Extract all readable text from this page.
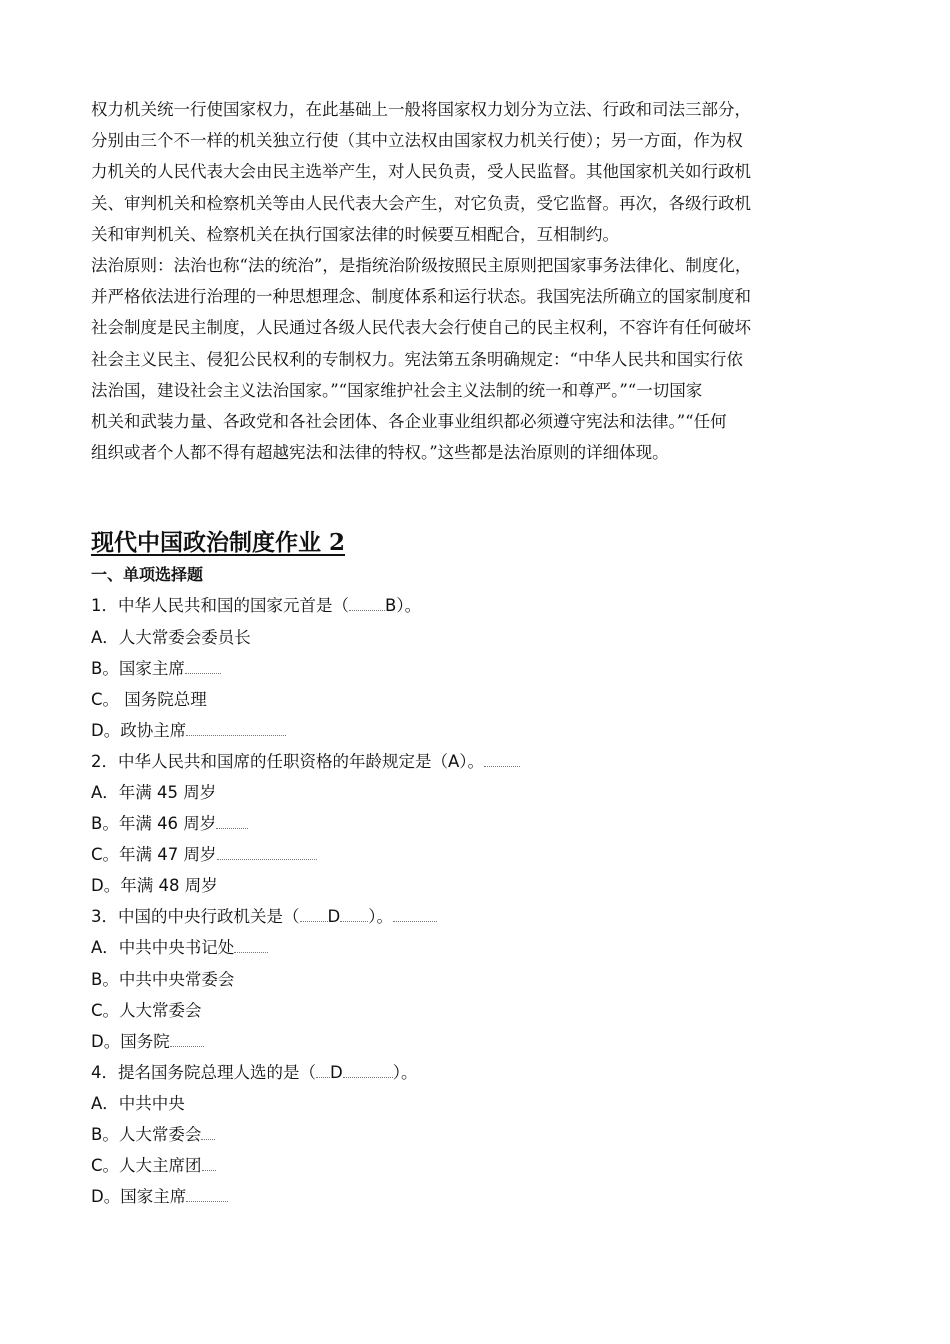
权力机关统一行使国家权力，在此基础上一般将国家权力划分为立法、行政和司法三部分，

分别由三个不一样的机关独立行使（其中立法权由国家权力机关行使）；另一方面，作为权

力机关的人民代表大会由民主选举产生，对人民负责，受人民监督。其他国家机关如行政机

关、审判机关和检察机关等由人民代表大会产生，对它负责，受它监督。再次，各级行政机

关和审判机关、检察机关在执行国家法律的时候要互相配合，互相制约。

法治原则：法治也称“法的统治”，是指统治阶级按照民主原则把国家事务法律化、制度化，

并严格依法进行治理的一种思想理念、制度体系和运行状态。我国宪法所确立的国家制度和

社会制度是民主制度，人民通过各级人民代表大会行使自己的民主权利，不容许有任何破坏

社会主义民主、侵犯公民权利的专制权力。宪法第五条明确规定：“中华人民共和国实行依

法治国，建设社会主义法治国家。”“国家维护社会主义法制的统一和尊严。”“一切国家

机关和武装力量、各政党和各社会团体、各企业事业组织都必须遵守宪法和法律。”“任何

组织或者个人都不得有超越宪法和法律的特权。”这些都是法治原则的详细体现。

现代中国政治制度作业 2
一、单项选择题
1．中华人民共和国的国家元首是（ B）。
A．人大常委会委员长
B。国家主席
C。 国务院总理
D。政协主席
2．中华人民共和国席的任职资格的年龄规定是（A）。
A．年满 45 周岁
B。年满 46 周岁
C。年满 47 周岁
D。年满 48 周岁
3．中国的中央行政机关是（ D ）。
A．中共中央书记处
B。中共中央常委会
C。人大常委会
D。国务院
4．提名国务院总理人选的是（ D	）。
A．中共中央
B。人大常委会
C。人大主席团
D。国家主席
